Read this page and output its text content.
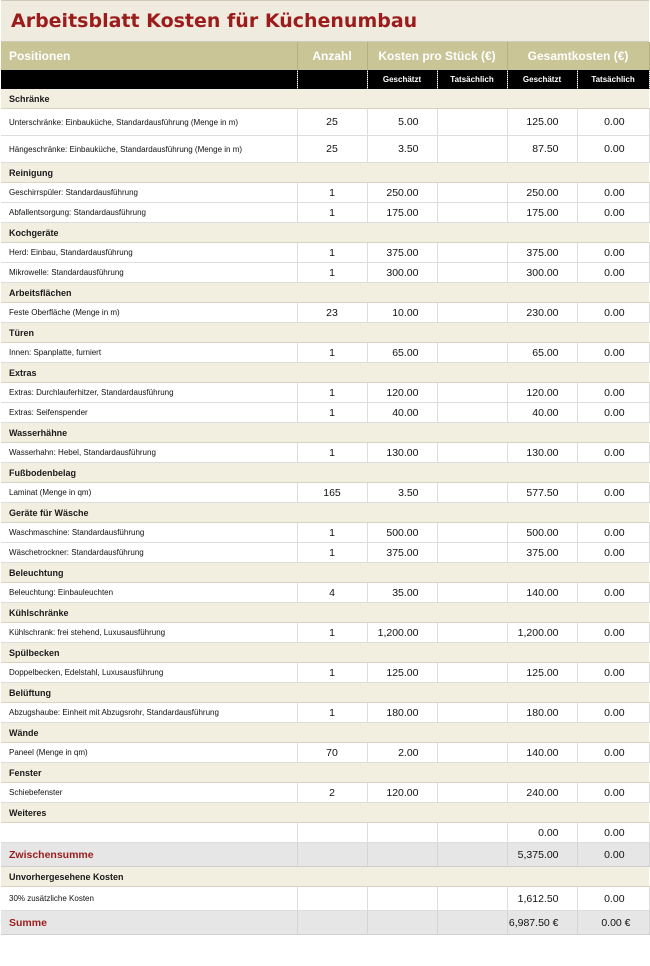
Arbeitsblatt Kosten für Küchenumbau
Positionen	Anzahl	Kosten pro Stück (€)		Gesamtkosten (€)	
		Geschätzt	Tatsächlich	Geschätzt	Tatsächlich
Schränke					
Unterschränke: Einbauküche, Standardausführung (Menge in m)	25	5.00		125.00	0.00
Hängeschränke: Einbauküche, Standardausführung (Menge in m)	25	3.50		87.50	0.00
Reinigung					
Geschirrspüler: Standardausführung	1	250.00		250.00	0.00
Abfallentsorgung: Standardausführung	1	175.00		175.00	0.00
Kochgeräte					
Herd: Einbau, Standardausführung	1	375.00		375.00	0.00
Mikrowelle: Standardausführung	1	300.00		300.00	0.00
Arbeitsflächen					
Feste Oberfläche (Menge in m)	23	10.00		230.00	0.00
Türen					
Innen: Spanplatte, furniert	1	65.00		65.00	0.00
Extras					
Extras: Durchlauferhitzer, Standardausführung	1	120.00		120.00	0.00
Extras: Seifenspender	1	40.00		40.00	0.00
Wasserhähne					
Wasserhahn: Hebel, Standardausführung	1	130.00		130.00	0.00
Fußbodenbelag					
Laminat (Menge in qm)	165	3.50		577.50	0.00
Geräte für Wäsche					
Waschmaschine: Standardausführung	1	500.00		500.00	0.00
Wäschetrockner: Standardausführung	1	375.00		375.00	0.00
Beleuchtung					
Beleuchtung: Einbauleuchten	4	35.00		140.00	0.00
Kühlschränke					
Kühlschrank: frei stehend, Luxusausführung	1	1,200.00		1,200.00	0.00
Spülbecken					
Doppelbecken, Edelstahl, Luxusausführung	1	125.00		125.00	0.00
Belüftung					
Abzugshaube: Einheit mit Abzugsrohr, Standardausführung	1	180.00		180.00	0.00
Wände					
Paneel (Menge in qm)	70	2.00		140.00	0.00
Fenster					
Schiebefenster	2	120.00		240.00	0.00
Weiteres					
				0.00	0.00
Zwischensumme				5,375.00	0.00
Unvorhergesehene Kosten					
30% zusätzliche Kosten				1,612.50	0.00
Summe				6,987.50 €	0.00 €
